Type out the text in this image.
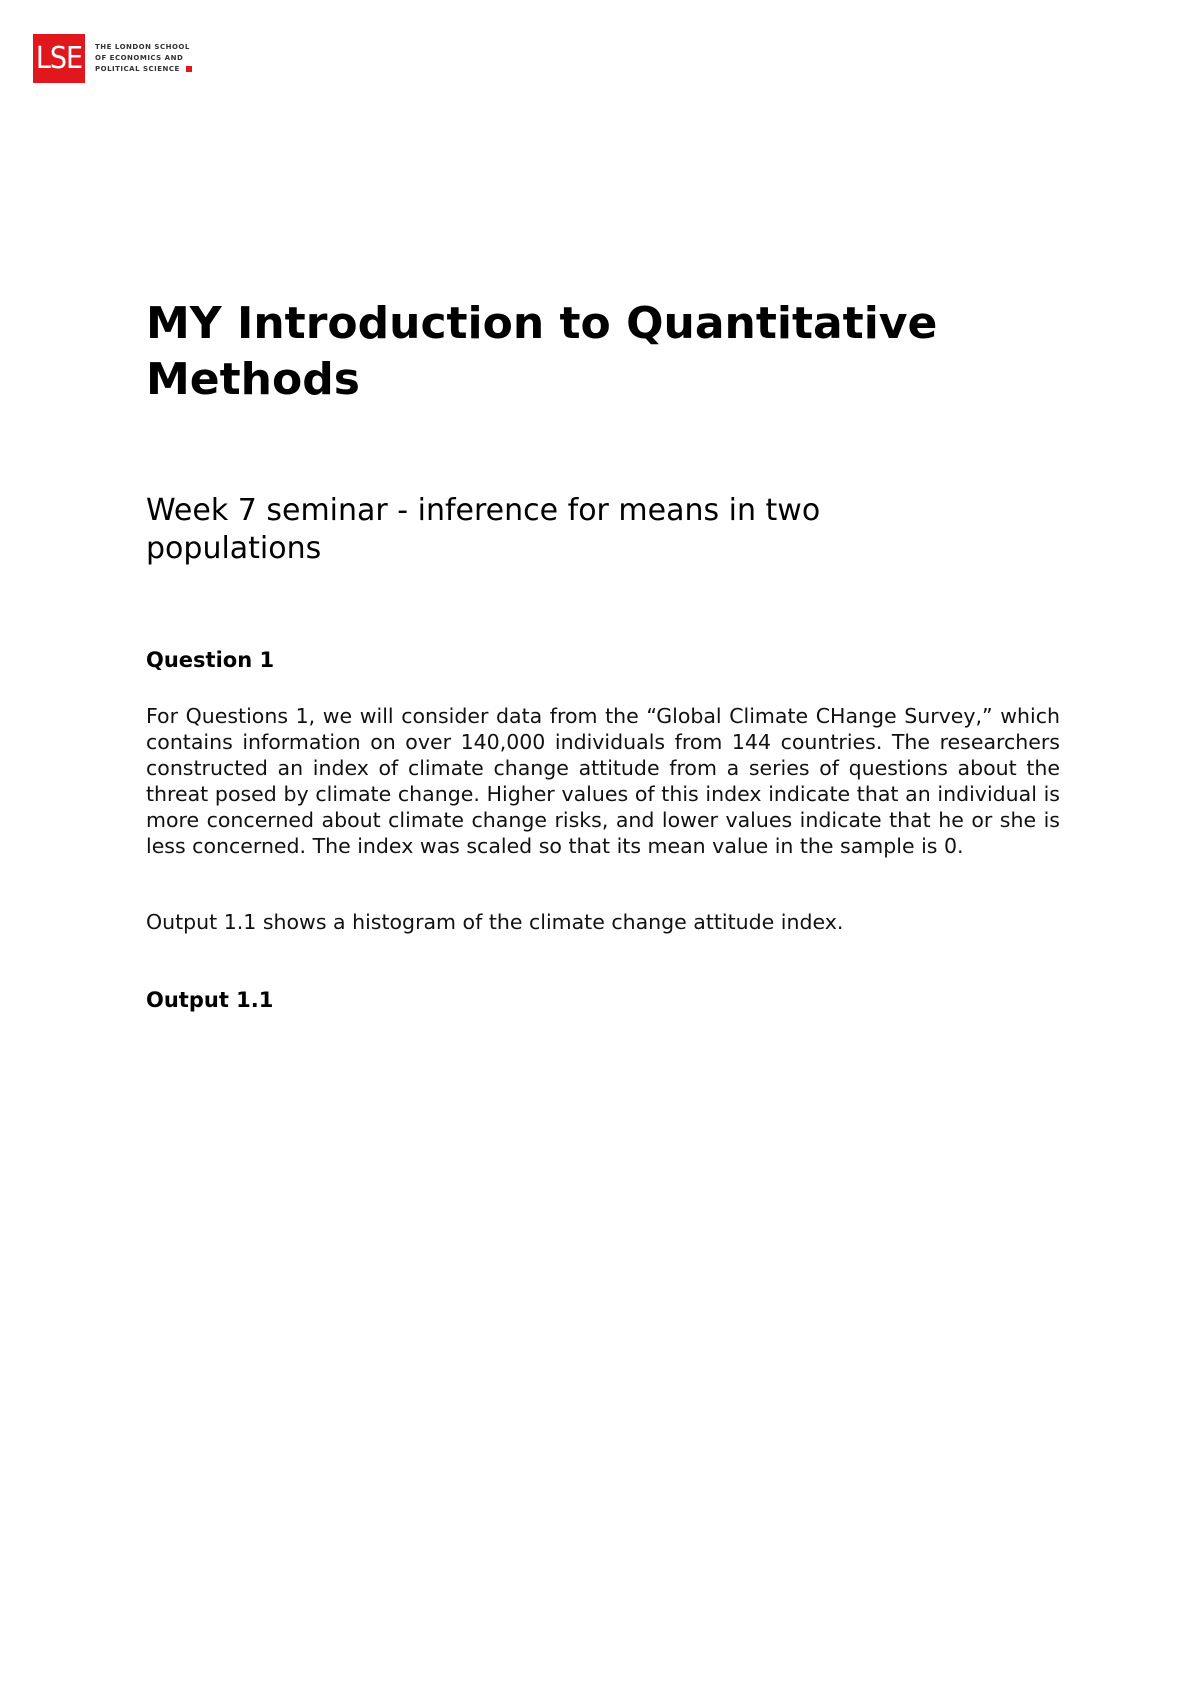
LSE	THE LONDON SCHOOL
OF ECONOMICS AND
POLITICAL SCIENCE
MY Introduction to Quantitative Methods
Week 7 seminar - inference for means in two populations
Question 1

For Questions 1, we will consider data from the “Global Climate CHange Survey,” which contains information on over 140,000 individuals from 144 countries. The researchers constructed an index of climate change attitude from a series of questions about the threat posed by climate change. Higher values of this index indicate that an individual is more concerned about climate change risks, and lower values indicate that he or she is less concerned. The index was scaled so that its mean value in the sample is 0.

Output 1.1 shows a histogram of the climate change attitude index.

Output 1.1
